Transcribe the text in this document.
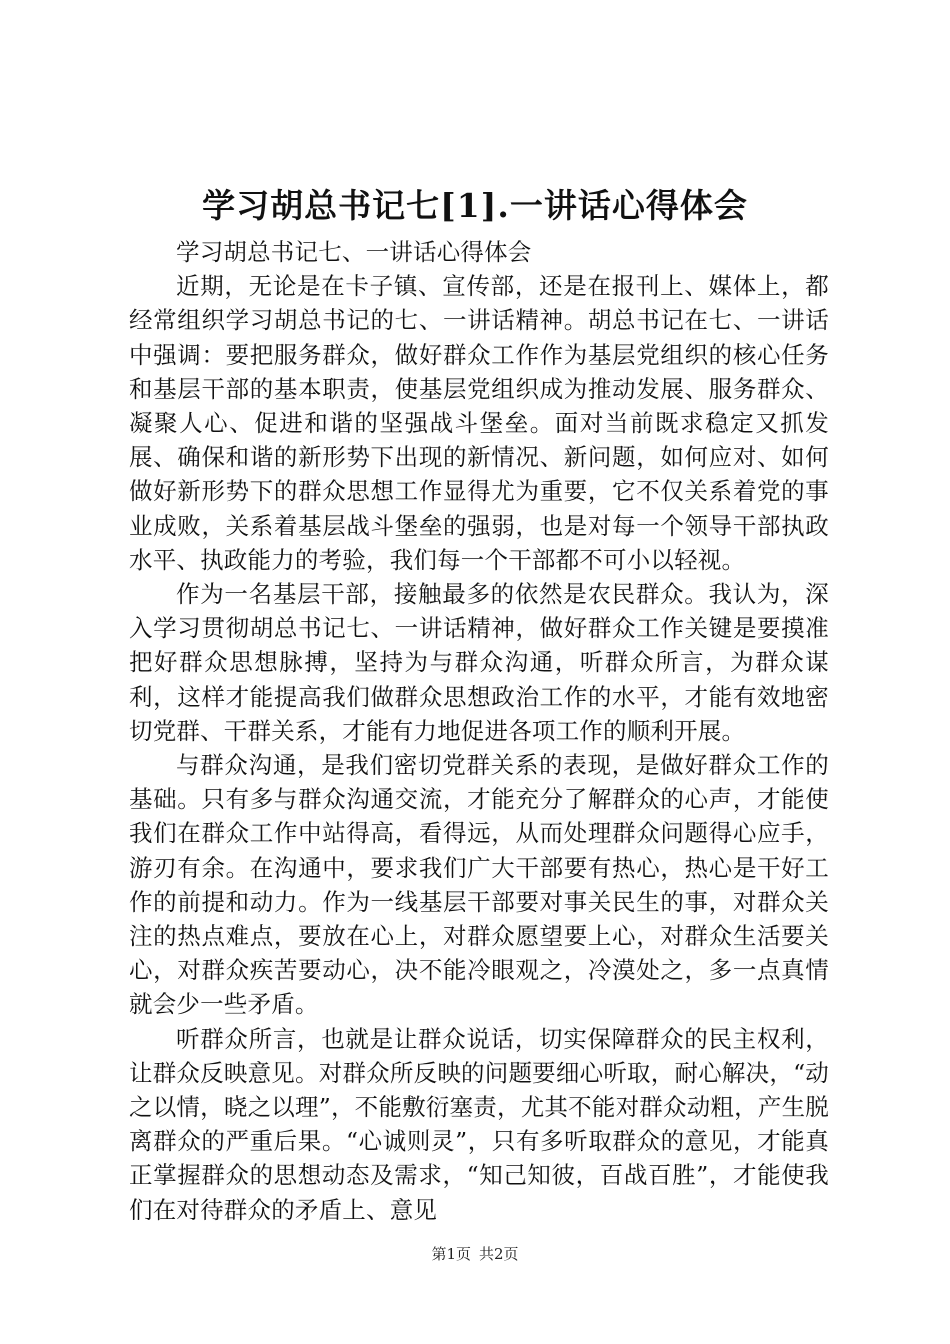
学习胡总书记七[1].一讲话心得体会

学习胡总书记七、一讲话心得体会

近期，无论是在卡子镇、宣传部，还是在报刊上、媒体上，都经常组织学习胡总书记的七、一讲话精神。胡总书记在七、一讲话中强调：要把服务群众，做好群众工作作为基层党组织的核心任务和基层干部的基本职责，使基层党组织成为推动发展、服务群众、凝聚人心、促进和谐的坚强战斗堡垒。面对当前既求稳定又抓发展、确保和谐的新形势下出现的新情况、新问题，如何应对、如何做好新形势下的群众思想工作显得尤为重要，它不仅关系着党的事业成败，关系着基层战斗堡垒的强弱，也是对每一个领导干部执政水平、执政能力的考验，我们每一个干部都不可小以轻视。

作为一名基层干部，接触最多的依然是农民群众。我认为，深入学习贯彻胡总书记七、一讲话精神，做好群众工作关键是要摸准把好群众思想脉搏，坚持为与群众沟通，听群众所言，为群众谋利，这样才能提高我们做群众思想政治工作的水平，才能有效地密切党群、干群关系，才能有力地促进各项工作的顺利开展。

与群众沟通，是我们密切党群关系的表现，是做好群众工作的基础。只有多与群众沟通交流，才能充分了解群众的心声，才能使我们在群众工作中站得高，看得远，从而处理群众问题得心应手，游刃有余。在沟通中，要求我们广大干部要有热心，热心是干好工作的前提和动力。作为一线基层干部要对事关民生的事，对群众关注的热点难点，要放在心上，对群众愿望要上心，对群众生活要关心，对群众疾苦要动心，决不能冷眼观之，冷漠处之，多一点真情就会少一些矛盾。

听群众所言，也就是让群众说话，切实保障群众的民主权利，让群众反映意见。对群众所反映的问题要细心听取，耐心解决，“动之以情，晓之以理”，不能敷衍塞责，尤其不能对群众动粗，产生脱离群众的严重后果。“心诚则灵”，只有多听取群众的意见，才能真正掌握群众的思想动态及需求，“知己知彼，百战百胜”，才能使我们在对待群众的矛盾上、意见

第1页 共2页
